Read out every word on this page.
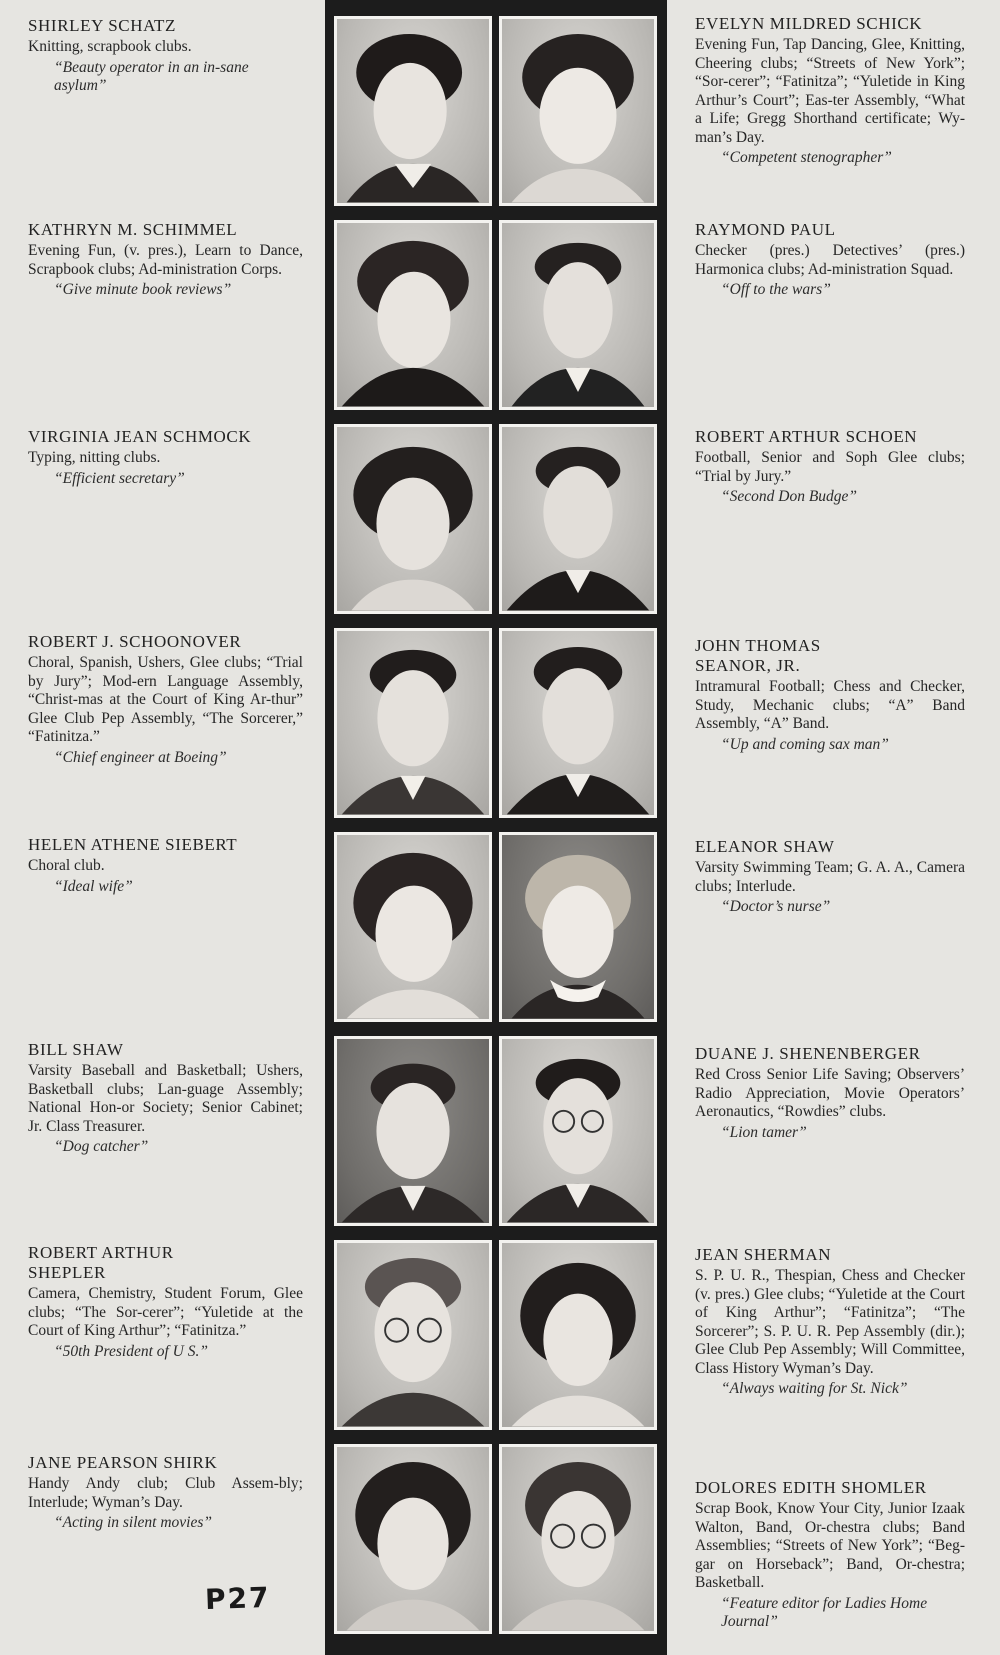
SHIRLEY SCHATZ

Knitting, scrapbook clubs.

“Beauty operator in an in-sane asylum”

KATHRYN M. SCHIMMEL

Evening Fun, (v. pres.), Learn to Dance, Scrapbook clubs; Ad-ministration Corps.

“Give minute book reviews”

VIRGINIA JEAN SCHMOCK

Typing, nitting clubs.

“Efficient secretary”

ROBERT J. SCHOONOVER

Choral, Spanish, Ushers, Glee clubs; “Trial by Jury”; Mod-ern Language Assembly, “Christ-mas at the Court of King Ar-thur” Glee Club Pep Assembly, “The Sorcerer,” “Fatinitza.”

“Chief engineer at Boeing”

HELEN ATHENE SIEBERT

Choral club.

“Ideal wife”

BILL SHAW

Varsity Baseball and Basketball; Ushers, Basketball clubs; Lan-guage Assembly; National Hon-or Society; Senior Cabinet; Jr. Class Treasurer.

“Dog catcher”

ROBERT ARTHUR SHEPLER

Camera, Chemistry, Student Forum, Glee clubs; “The Sor-cerer”; “Yuletide at the Court of King Arthur”; “Fatinitza.”

“50th President of U S.”

JANE PEARSON SHIRK

Handy Andy club; Club Assem-bly; Interlude; Wyman’s Day.

“Acting in silent movies”

P27

EVELYN MILDRED SCHICK

Evening Fun, Tap Dancing, Glee, Knitting, Cheering clubs; “Streets of New York”; “Sor-cerer”; “Fatinitza”; “Yuletide in King Arthur’s Court”; Eas-ter Assembly, “What a Life; Gregg Shorthand certificate; Wy-man’s Day.

“Competent stenographer”

RAYMOND PAUL

Checker (pres.) Detectives’ (pres.) Harmonica clubs; Ad-ministration Squad.

“Off to the wars”

ROBERT ARTHUR SCHOEN

Football, Senior and Soph Glee clubs; “Trial by Jury.”

“Second Don Budge”

JOHN THOMAS SEANOR, JR.

Intramural Football; Chess and Checker, Study, Mechanic clubs; “A” Band Assembly, “A” Band.

“Up and coming sax man”

ELEANOR SHAW

Varsity Swimming Team; G. A. A., Camera clubs; Interlude.

“Doctor’s nurse”

DUANE J. SHENENBERGER

Red Cross Senior Life Saving; Observers’ Radio Appreciation, Movie Operators’ Aeronautics, “Rowdies” clubs.

“Lion tamer”

JEAN SHERMAN

S. P. U. R., Thespian, Chess and Checker (v. pres.) Glee clubs; “Yuletide at the Court of King Arthur”; “Fatinitza”; “The Sorcerer”; S. P. U. R. Pep Assembly (dir.); Glee Club Pep Assembly; Will Committee, Class History Wyman’s Day.

“Always waiting for St. Nick”

DOLORES EDITH SHOMLER

Scrap Book, Know Your City, Junior Izaak Walton, Band, Or-chestra clubs; Band Assemblies; “Streets of New York”; “Beg-gar on Horseback”; Band, Or-chestra; Basketball.

“Feature editor for Ladies Home Journal”
